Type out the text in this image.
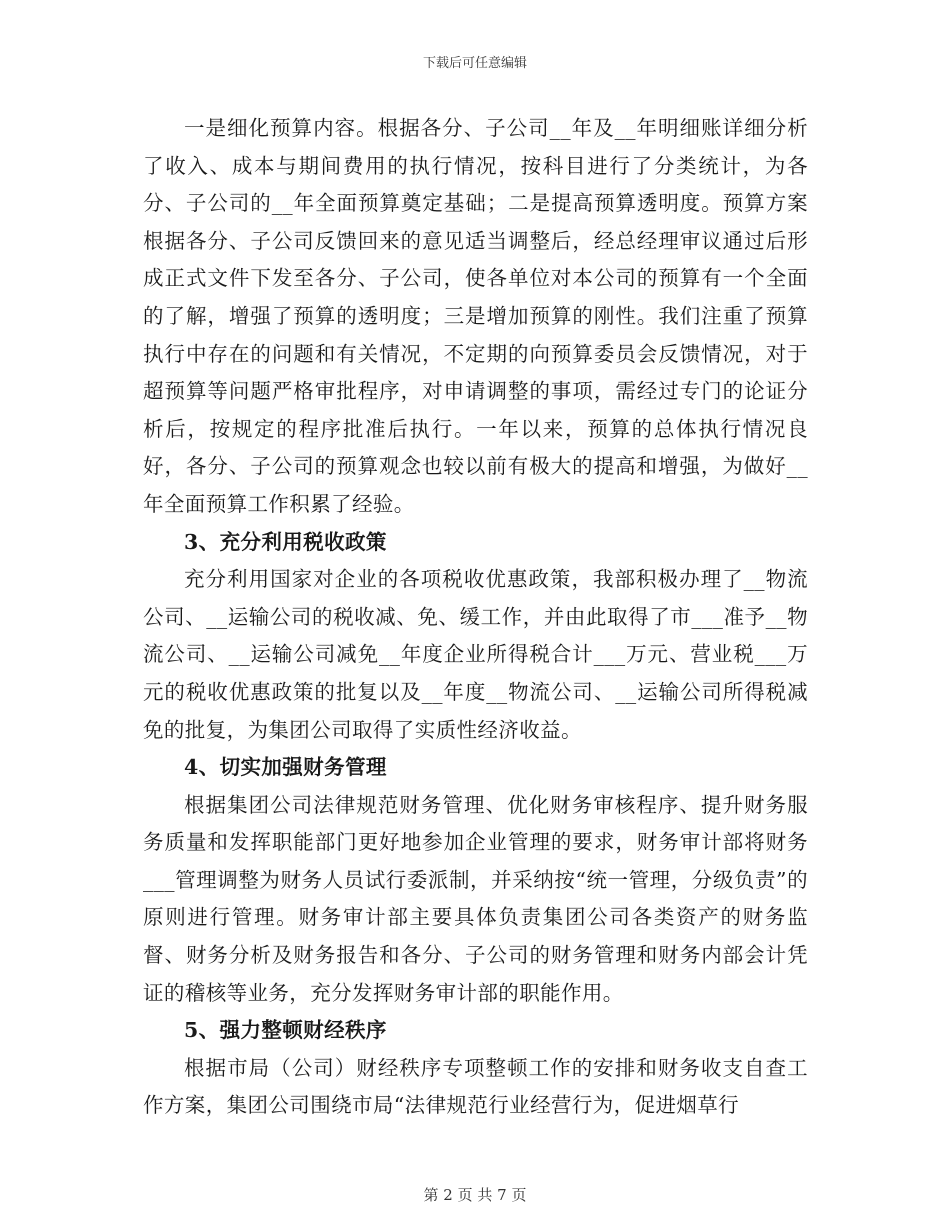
下载后可任意编辑

一是细化预算内容。根据各分、子公司__年及__年明细账详细分析了收入、成本与期间费用的执行情况，按科目进行了分类统计，为各分、子公司的__年全面预算奠定基础；二是提高预算透明度。预算方案根据各分、子公司反馈回来的意见适当调整后，经总经理审议通过后形成正式文件下发至各分、子公司，使各单位对本公司的预算有一个全面的了解，增强了预算的透明度；三是增加预算的刚性。我们注重了预算执行中存在的问题和有关情况，不定期的向预算委员会反馈情况，对于超预算等问题严格审批程序，对申请调整的事项，需经过专门的论证分析后，按规定的程序批准后执行。一年以来，预算的总体执行情况良好，各分、子公司的预算观念也较以前有极大的提高和增强，为做好__年全面预算工作积累了经验。

3、充分利用税收政策

充分利用国家对企业的各项税收优惠政策，我部积极办理了__物流公司、__运输公司的税收减、免、缓工作，并由此取得了市___准予__物流公司、__运输公司减免__年度企业所得税合计___万元、营业税___万元的税收优惠政策的批复以及__年度__物流公司、__运输公司所得税减免的批复，为集团公司取得了实质性经济收益。

4、切实加强财务管理

根据集团公司法律规范财务管理、优化财务审核程序、提升财务服务质量和发挥职能部门更好地参加企业管理的要求，财务审计部将财务___管理调整为财务人员试行委派制，并采纳按“统一管理，分级负责”的原则进行管理。财务审计部主要具体负责集团公司各类资产的财务监督、财务分析及财务报告和各分、子公司的财务管理和财务内部会计凭证的稽核等业务，充分发挥财务审计部的职能作用。

5、强力整顿财经秩序

根据市局（公司）财经秩序专项整顿工作的安排和财务收支自查工作方案，集团公司围绕市局“法律规范行业经营行为，促进烟草行

第 2 页 共 7 页
